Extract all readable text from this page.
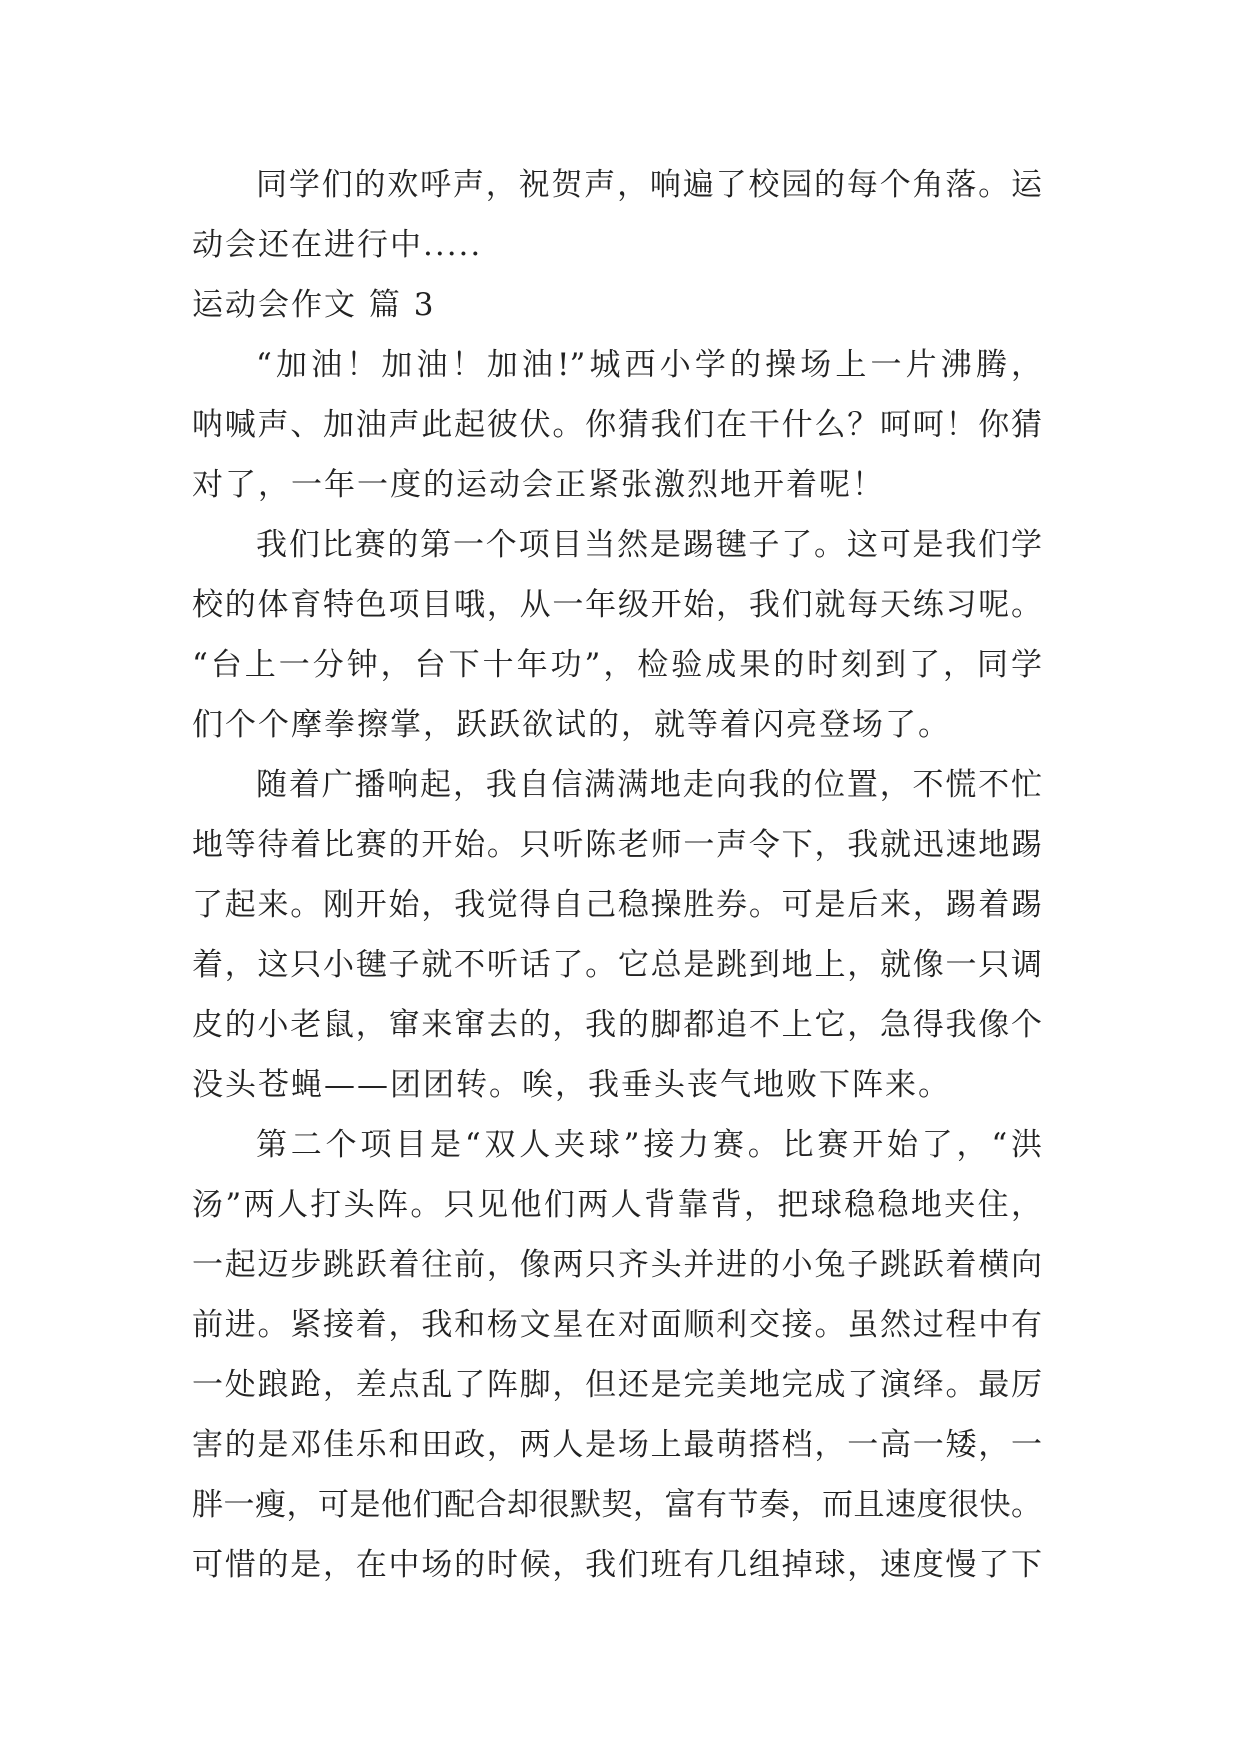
同学们的欢呼声，祝贺声，响遍了校园的每个角落。运
动会还在进行中.....
运动会作文 篇 3
“加油！加油！加油!”城西小学的操场上一片沸腾，
呐喊声、加油声此起彼伏。你猜我们在干什么？呵呵！你猜
对了，一年一度的运动会正紧张激烈地开着呢！
我们比赛的第一个项目当然是踢毽子了。这可是我们学
校的体育特色项目哦，从一年级开始，我们就每天练习呢。
“台上一分钟，台下十年功”，检验成果的时刻到了，同学
们个个摩拳擦掌，跃跃欲试的，就等着闪亮登场了。
随着广播响起，我自信满满地走向我的位置，不慌不忙
地等待着比赛的开始。只听陈老师一声令下，我就迅速地踢
了起来。刚开始，我觉得自己稳操胜券。可是后来，踢着踢
着，这只小毽子就不听话了。它总是跳到地上，就像一只调
皮的小老鼠，窜来窜去的，我的脚都追不上它，急得我像个
没头苍蝇——团团转。唉，我垂头丧气地败下阵来。
第二个项目是“双人夹球”接力赛。比赛开始了，“洪
汤”两人打头阵。只见他们两人背靠背，把球稳稳地夹住，
一起迈步跳跃着往前，像两只齐头并进的小兔子跳跃着横向
前进。紧接着，我和杨文星在对面顺利交接。虽然过程中有
一处踉跄，差点乱了阵脚，但还是完美地完成了演绎。最厉
害的是邓佳乐和田政，两人是场上最萌搭档，一高一矮，一
胖一瘦，可是他们配合却很默契，富有节奏，而且速度很快。
可惜的是，在中场的时候，我们班有几组掉球，速度慢了下
